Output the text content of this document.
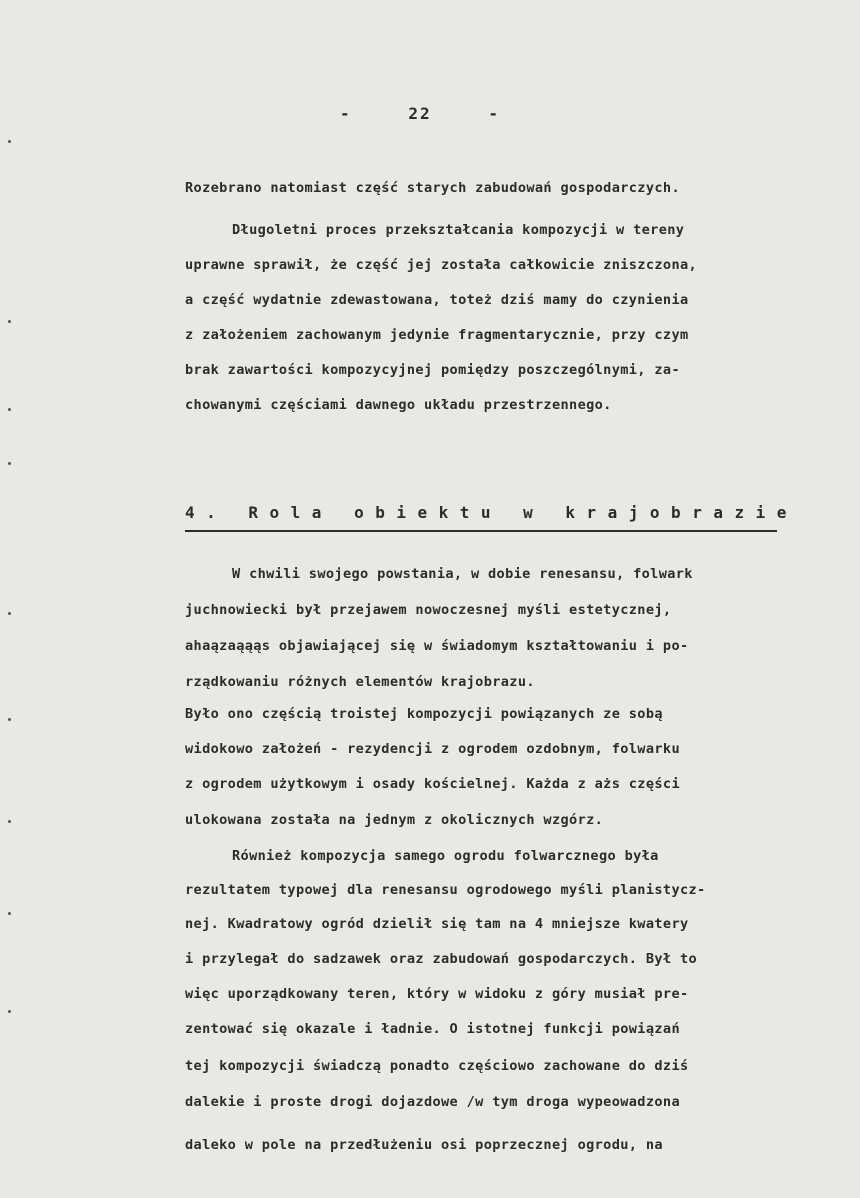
-	22	-
Rozebrano natomiast część starych zabudowań gospodarczych.
Długoletni proces przekształcania kompozycji w tereny
uprawne sprawił, że część jej została całkowicie zniszczona,
a część wydatnie zdewastowana, toteż dziś mamy do czynienia
z założeniem zachowanym jedynie fragmentarycznie, przy czym
brak zawartości kompozycyjnej pomiędzy poszczególnymi, za-
chowanymi częściami dawnego układu przestrzennego.
4. Rola obiektu w krajobrazie
W chwili swojego powstania, w dobie renesansu, folwark
juchnowiecki był przejawem nowoczesnej myśli estetycznej,
ahaązaąąąs objawiającej się w świadomym kształtowaniu i po-
rządkowaniu różnych elementów krajobrazu.
Było ono częścią troistej kompozycji powiązanych ze sobą
widokowo założeń - rezydencji z ogrodem ozdobnym, folwarku
z ogrodem użytkowym i osady kościelnej. Każda z ażs części
ulokowana została na jednym z okolicznych wzgórz.
Również kompozycja samego ogrodu folwarcznego była
rezultatem typowej dla renesansu ogrodowego myśli planistycz-
nej. Kwadratowy ogród dzielił się tam na 4 mniejsze kwatery
i przylegał do sadzawek oraz zabudowań gospodarczych. Był to
więc uporządkowany teren, który w widoku z góry musiał pre-
zentować się okazale i ładnie. O istotnej funkcji powiązań
tej kompozycji świadczą ponadto częściowo zachowane do dziś
dalekie i proste drogi dojazdowe /w tym droga wypeowadzona
daleko w pole na przedłużeniu osi poprzecznej ogrodu, na
